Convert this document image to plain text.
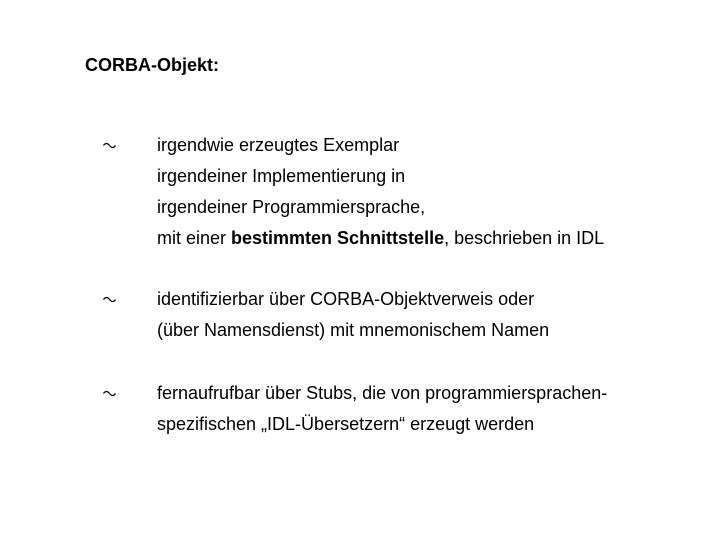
CORBA-Objekt:
irgendwie erzeugtes Exemplar
irgendeiner Implementierung in
irgendeiner Programmiersprache,
mit einer bestimmten Schnittstelle, beschrieben in IDL
identifizierbar über CORBA-Objektverweis oder
(über Namensdienst) mit mnemonischem Namen
fernaufrufbar über Stubs, die von programmiersprachen-
spezifischen „IDL-Übersetzern“ erzeugt werden
